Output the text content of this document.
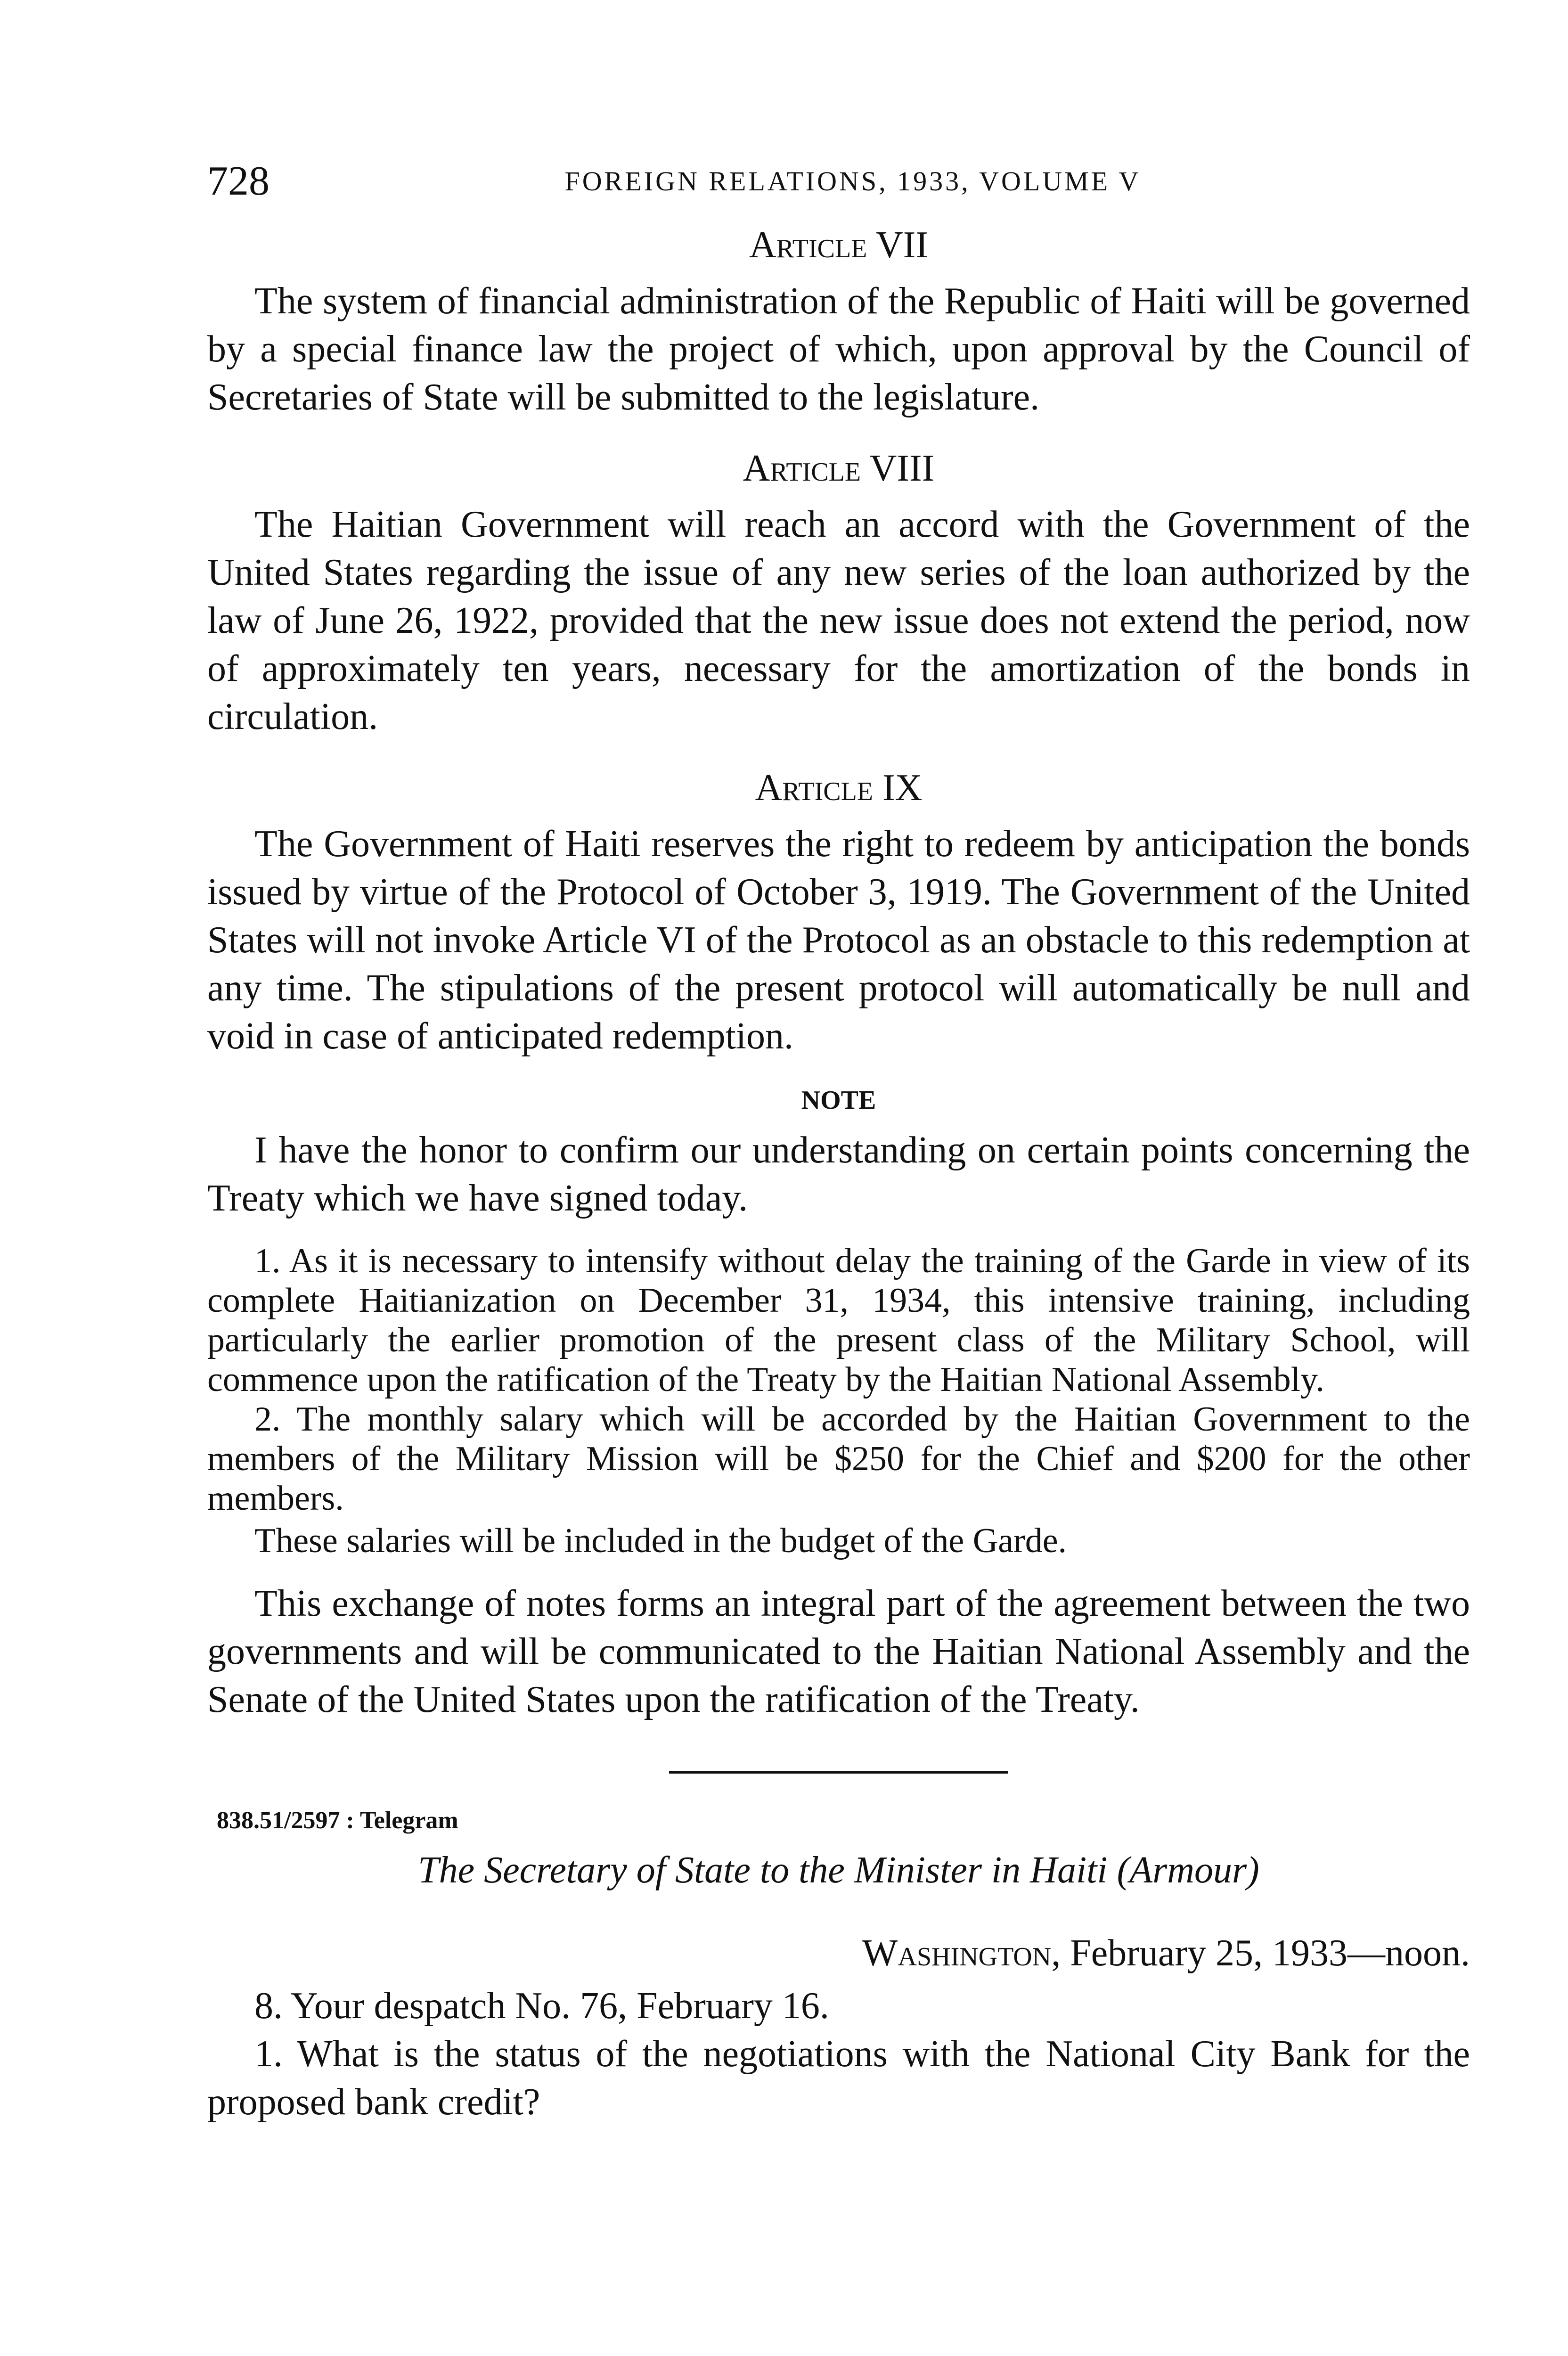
728	FOREIGN RELATIONS, 1933, VOLUME V
Article VII

The system of financial administration of the Republic of Haiti will be governed by a special finance law the project of which, upon approval by the Council of Secretaries of State will be submitted to the legislature.

Article VIII

The Haitian Government will reach an accord with the Government of the United States regarding the issue of any new series of the loan authorized by the law of June 26, 1922, provided that the new issue does not extend the period, now of approximately ten years, necessary for the amortization of the bonds in circulation.

Article IX

The Government of Haiti reserves the right to redeem by anticipation the bonds issued by virtue of the Protocol of October 3, 1919. The Government of the United States will not invoke Article VI of the Protocol as an obstacle to this redemption at any time. The stipulations of the present protocol will automatically be null and void in case of anticipated redemption.

NOTE

I have the honor to confirm our understanding on certain points concerning the Treaty which we have signed today.

1. As it is necessary to intensify without delay the training of the Garde in view of its complete Haitianization on December 31, 1934, this intensive training, including particularly the earlier promotion of the present class of the Military School, will commence upon the ratification of the Treaty by the Haitian National Assembly.

2. The monthly salary which will be accorded by the Haitian Government to the members of the Military Mission will be $250 for the Chief and $200 for the other members.

These salaries will be included in the budget of the Garde.

This exchange of notes forms an integral part of the agreement between the two governments and will be communicated to the Haitian National Assembly and the Senate of the United States upon the ratification of the Treaty.

838.51/2597 : Telegram
The Secretary of State to the Minister in Haiti (Armour)
Washington, February 25, 1933—noon.

8. Your despatch No. 76, February 16.

1. What is the status of the negotiations with the National City Bank for the proposed bank credit?
